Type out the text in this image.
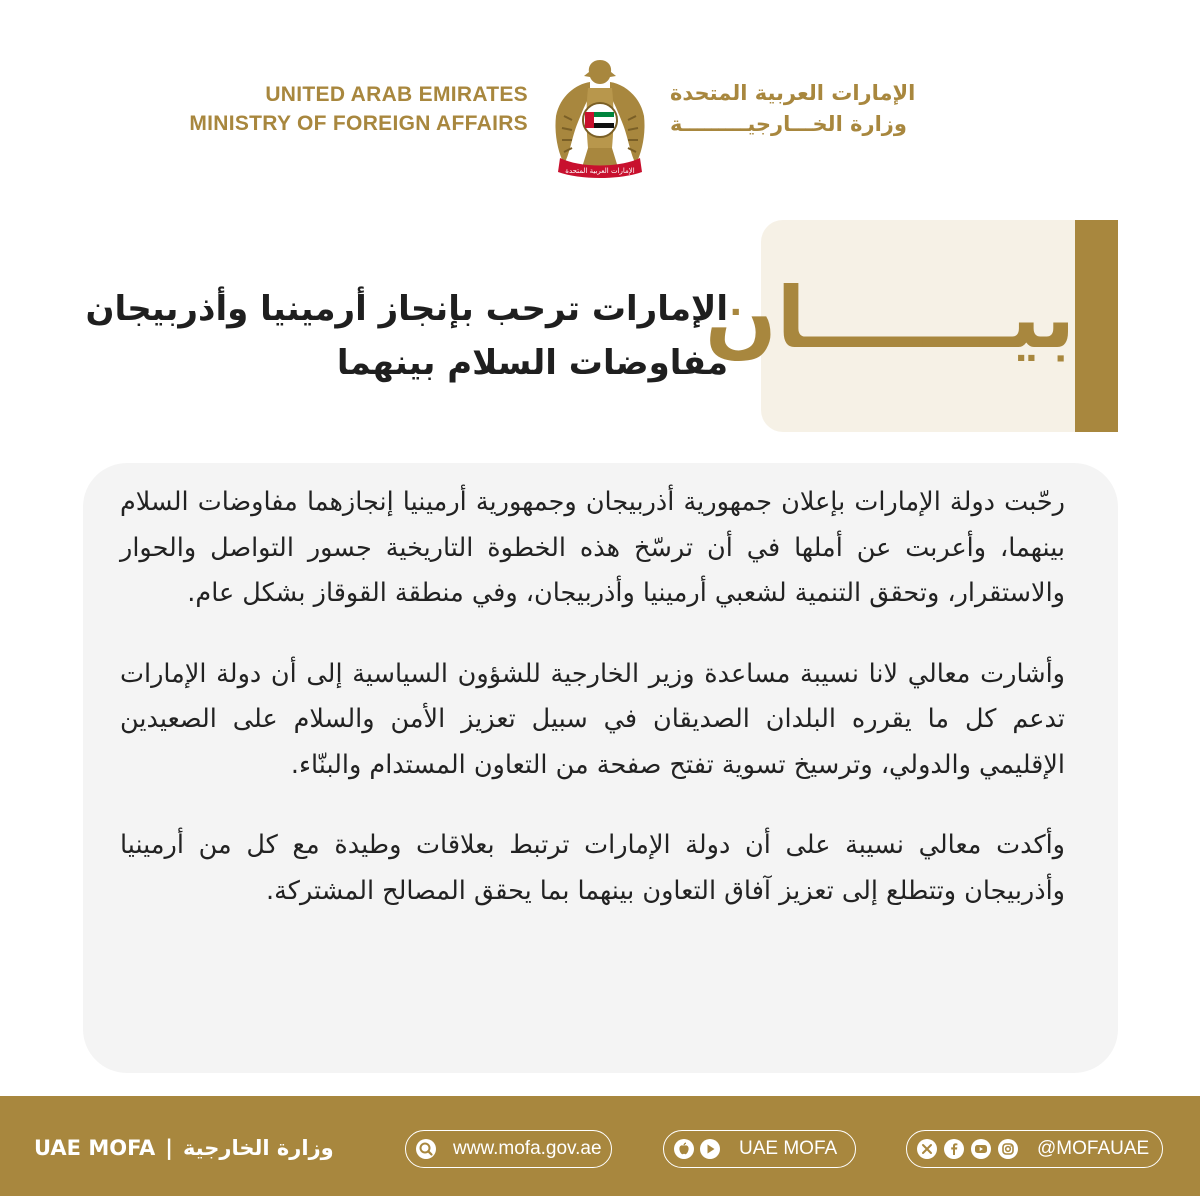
UNITED ARAB EMIRATES
MINISTRY OF FOREIGN AFFAIRS
الإمارات العربية المتحدة
الإمارات العربية المتحدة
وزارة الخـــارجيـــــــــة
بيـــــــان
الإمارات ترحب بإنجاز أرمينيا وأذربيجان
مفاوضات السلام بينهما

رحّبت دولة الإمارات بإعلان جمهورية أذربيجان وجمهورية أرمينيا إنجازهما مفاوضات السلام بينهما، وأعربت عن أملها في أن ترسّخ هذه الخطوة التاريخية جسور التواصل والحوار والاستقرار، وتحقق التنمية لشعبي أرمينيا وأذربيجان، وفي منطقة القوقاز بشكل عام.

وأشارت معالي لانا نسيبة مساعدة وزير الخارجية للشؤون السياسية إلى أن دولة الإمارات تدعم كل ما يقرره البلدان الصديقان في سبيل تعزيز الأمن والسلام على الصعيدين الإقليمي والدولي، وترسيخ تسوية تفتح صفحة من التعاون المستدام والبنّاء.

وأكدت معالي نسيبة على أن دولة الإمارات ترتبط بعلاقات وطيدة مع كل من أرمينيا وأذربيجان وتتطلع إلى تعزيز آفاق التعاون بينهما بما يحقق المصالح المشتركة.

UAE MOFA | وزارة الخارجية	www.mofa.gov.ae	UAE MOFA	@MOFAUAE
